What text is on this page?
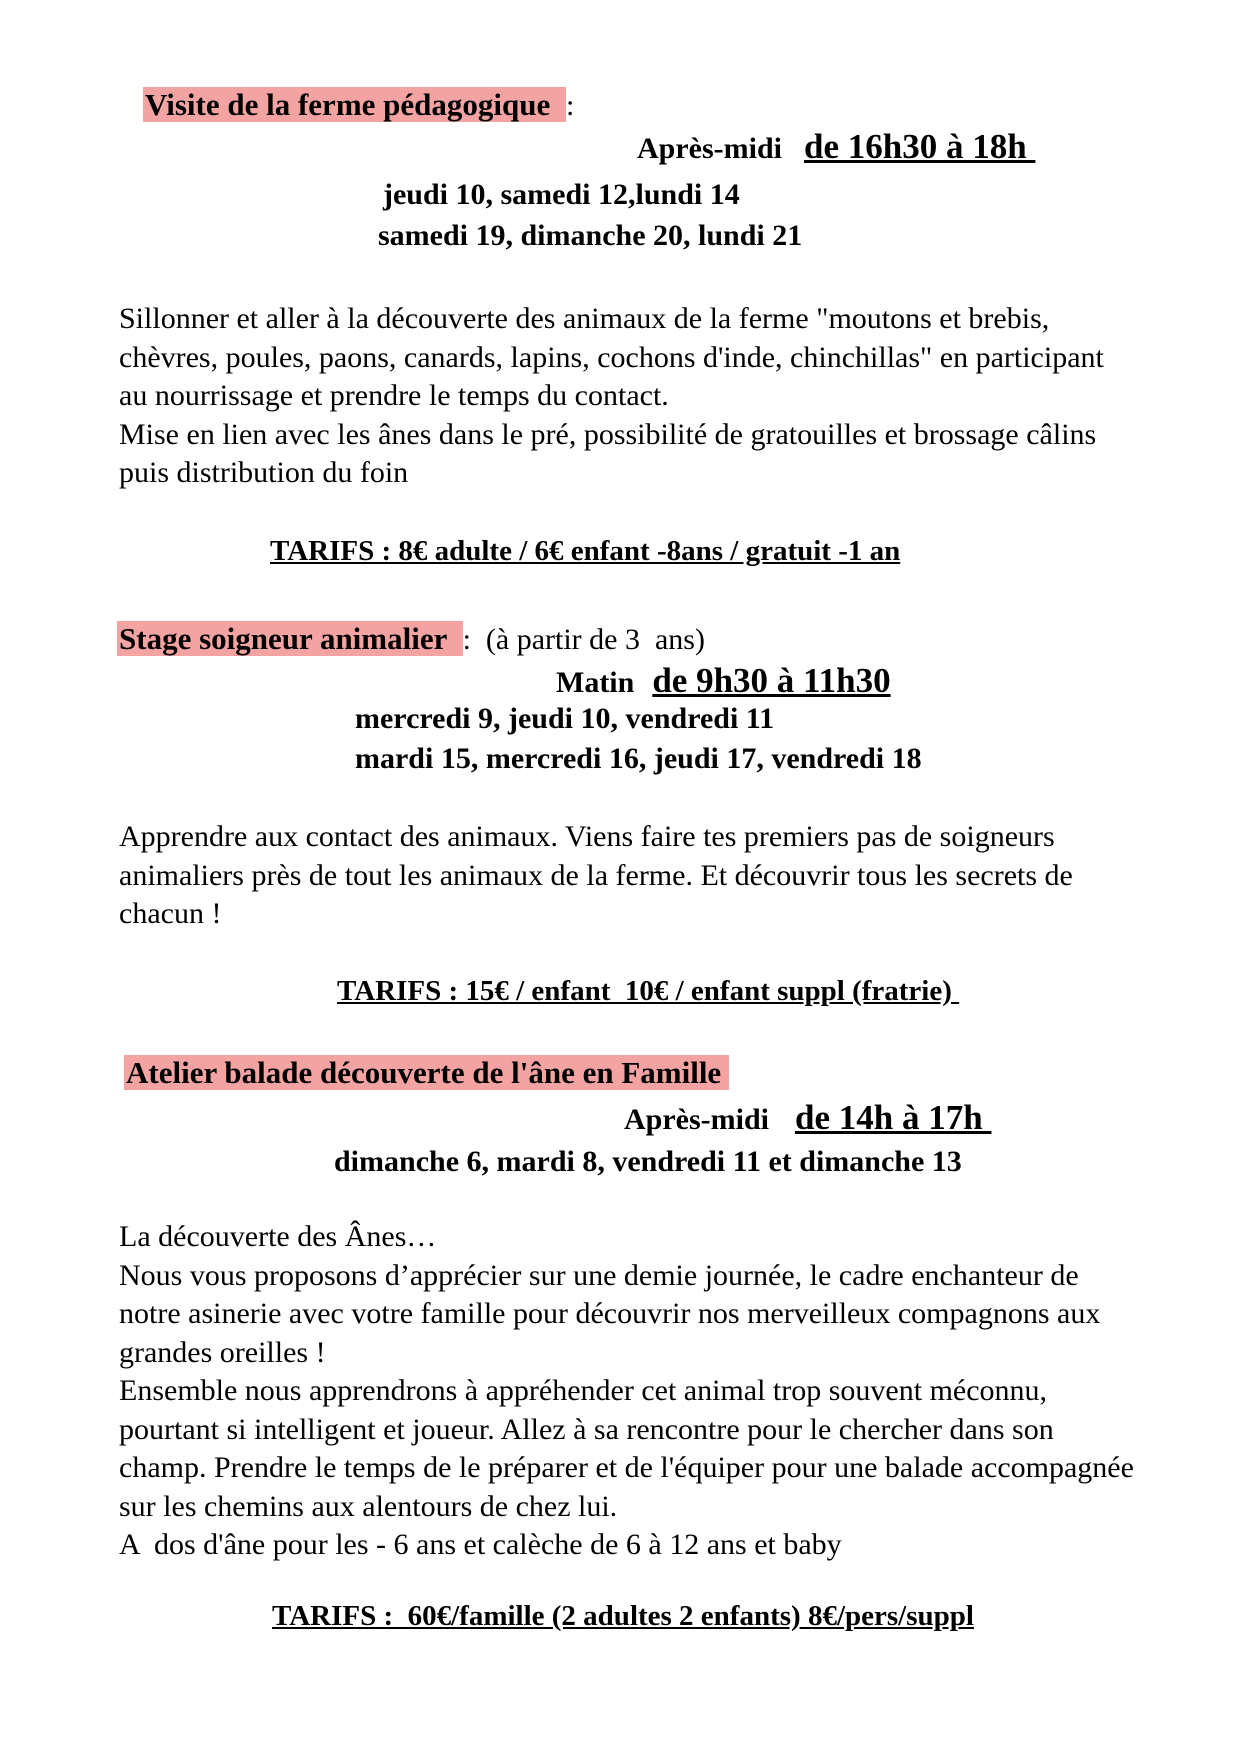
Visite de la ferme pédagogique :
Après-midi de 16h30 à 18h
jeudi 10, samedi 12,lundi 14
samedi 19, dimanche 20, lundi 21

Sillonner et aller à la découverte des animaux de la ferme "moutons et brebis, chèvres, poules, paons, canards, lapins, cochons d'inde, chinchillas" en participant au nourrissage et prendre le temps du contact.

Mise en lien avec les ânes dans le pré, possibilité de gratouilles et brossage câlins puis distribution du foin

TARIFS : 8€ adulte / 6€ enfant -8ans / gratuit -1 an
Stage soigneur animalier :  (à partir de 3  ans)
Matin de 9h30 à 11h30
mercredi 9, jeudi 10, vendredi 11
mardi 15, mercredi 16, jeudi 17, vendredi 18

Apprendre aux contact des animaux. Viens faire tes premiers pas de soigneurs animaliers près de tout les animaux de la ferme. Et découvrir tous les secrets de chacun !

TARIFS : 15€ / enfant  10€ / enfant suppl (fratrie)
Atelier balade découverte de l'âne en Famille
Après-midi de 14h à 17h
dimanche 6, mardi 8, vendredi 11 et dimanche 13

La découverte des Ânes…

Nous vous proposons d’apprécier sur une demie journée, le cadre enchanteur de notre asinerie avec votre famille pour découvrir nos merveilleux compagnons aux grandes oreilles !

Ensemble nous apprendrons à appréhender cet animal trop souvent méconnu, pourtant si intelligent et joueur. Allez à sa rencontre pour le chercher dans son champ. Prendre le temps de le préparer et de l'équiper pour une balade accompagnée sur les chemins aux alentours de chez lui.

A  dos d'âne pour les - 6 ans et calèche de 6 à 12 ans et baby

TARIFS :  60€/famille (2 adultes 2 enfants) 8€/pers/suppl
